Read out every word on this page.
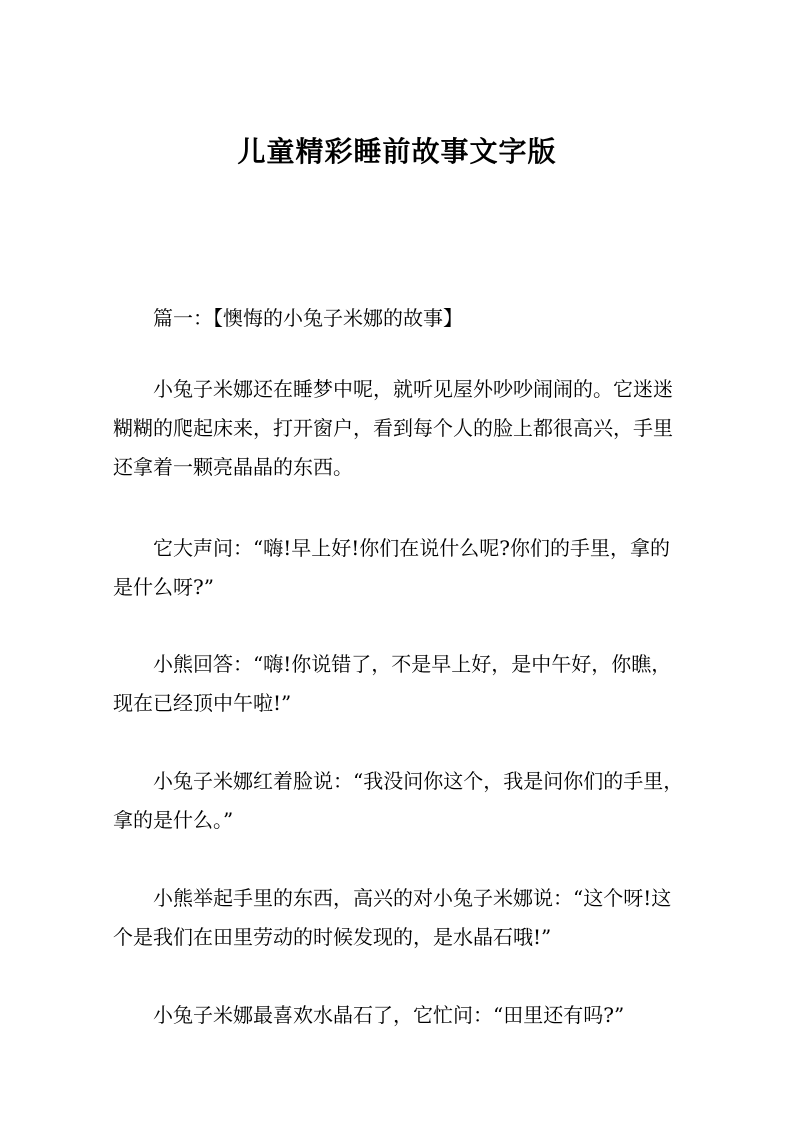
儿童精彩睡前故事文字版
篇一：【懊悔的小兔子米娜的故事】
小兔子米娜还在睡梦中呢，就听见屋外吵吵闹闹的。它迷迷
糊糊的爬起床来，打开窗户，看到每个人的脸上都很高兴，手里
还拿着一颗亮晶晶的东西。
它大声问：“嗨!早上好!你们在说什么呢?你们的手里，拿的
是什么呀?”
小熊回答：“嗨!你说错了，不是早上好，是中午好，你瞧，
现在已经顶中午啦!”
小兔子米娜红着脸说：“我没问你这个，我是问你们的手里，
拿的是什么。”
小熊举起手里的东西，高兴的对小兔子米娜说：“这个呀!这
个是我们在田里劳动的时候发现的，是水晶石哦!”
小兔子米娜最喜欢水晶石了，它忙问：“田里还有吗?”
